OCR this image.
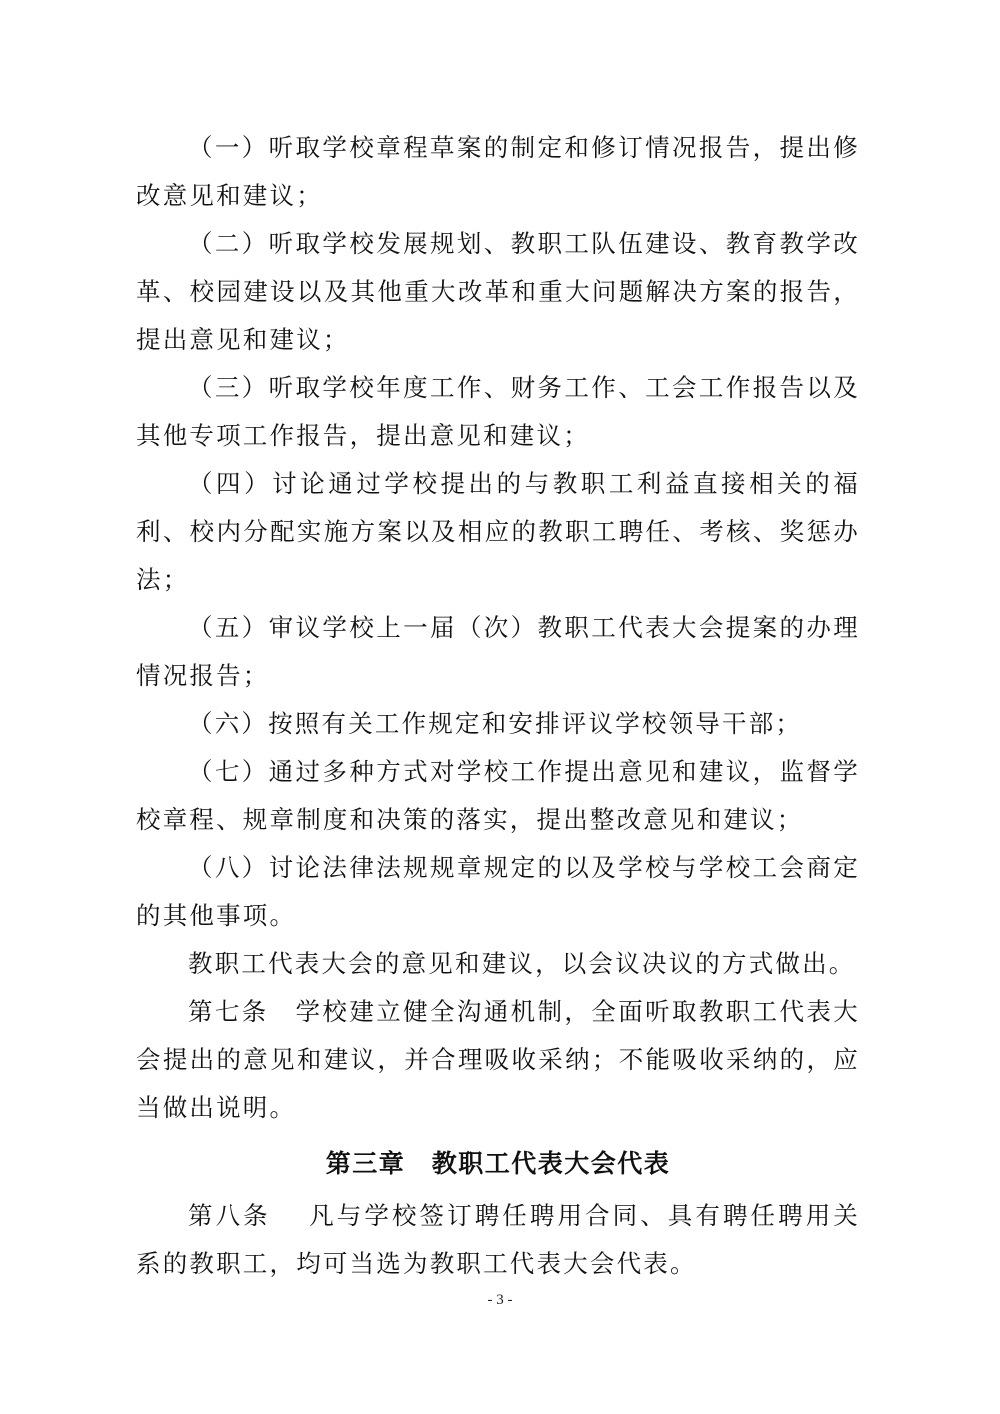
（一）听取学校章程草案的制定和修订情况报告，提出修改意见和建议；

（二）听取学校发展规划、教职工队伍建设、教育教学改革、校园建设以及其他重大改革和重大问题解决方案的报告，提出意见和建议；

（三）听取学校年度工作、财务工作、工会工作报告以及其他专项工作报告，提出意见和建议；

（四）讨论通过学校提出的与教职工利益直接相关的福利、校内分配实施方案以及相应的教职工聘任、考核、奖惩办法；

（五）审议学校上一届（次）教职工代表大会提案的办理情况报告；

（六）按照有关工作规定和安排评议学校领导干部；

（七）通过多种方式对学校工作提出意见和建议，监督学校章程、规章制度和决策的落实，提出整改意见和建议；

（八）讨论法律法规规章规定的以及学校与学校工会商定的其他事项。

教职工代表大会的意见和建议，以会议决议的方式做出。

第七条　学校建立健全沟通机制，全面听取教职工代表大会提出的意见和建议，并合理吸收采纳；不能吸收采纳的，应当做出说明。

第三章　教职工代表大会代表

第八条　 凡与学校签订聘任聘用合同、具有聘任聘用关系的教职工，均可当选为教职工代表大会代表。

- 3 -
